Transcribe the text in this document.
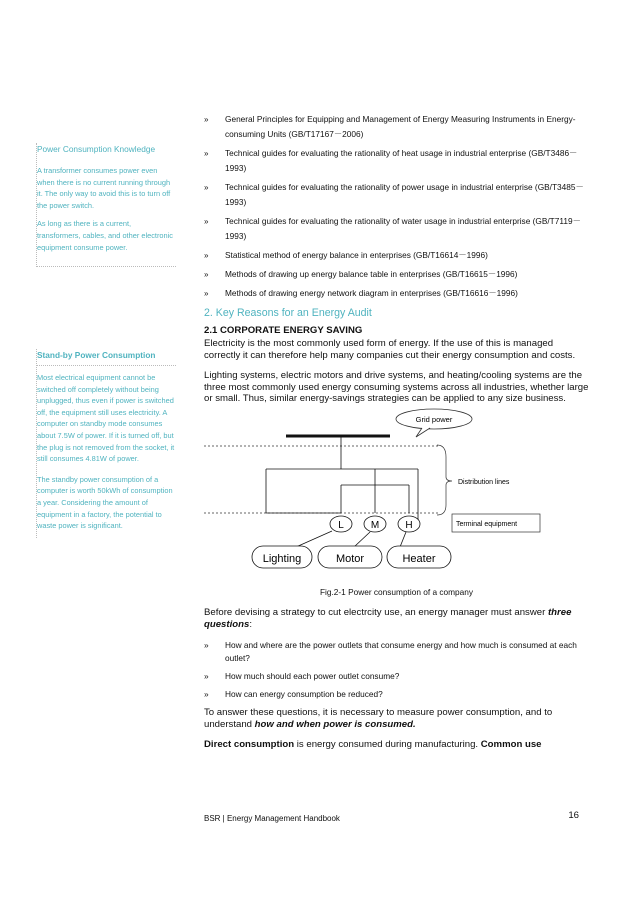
Power Consumption Knowledge
A transformer consumes power even when there is no current running through it. The only way to avoid this is to turn off the power switch.
As long as there is a current, transformers, cables, and other electronic equipment consume power.
Stand-by Power Consumption
Most electrical equipment cannot be switched off completely without being unplugged, thus even if power is switched off, the equipment still uses electricity. A computer on standby mode consumes about 7.5W of power. If it is turned off, but the plug is not removed from the socket, it still consumes 4.81W of power.
The standby power consumption of a computer is worth 50kWh of consumption a year. Considering the amount of equipment in a factory, the potential to waste power is significant.
» General Principles for Equipping and Management of Energy Measuring Instruments in Energy-consuming Units (GB/T17167－2006)
» Technical guides for evaluating the rationality of heat usage in industrial enterprise (GB/T3486－1993)
» Technical guides for evaluating the rationality of power usage in industrial enterprise (GB/T3485－1993)
» Technical guides for evaluating the rationality of water usage in industrial enterprise (GB/T7119－1993)
» Statistical method of energy balance in enterprises (GB/T16614－1996)
» Methods of drawing up energy balance table in enterprises (GB/T16615－1996)
» Methods of drawing energy network diagram in enterprises (GB/T16616－1996)
2. Key Reasons for an Energy Audit
2.1 CORPORATE ENERGY SAVING

Electricity is the most commonly used form of energy. If the use of this is managed correctly it can therefore help many companies cut their energy consumption and costs.

Lighting systems, electric motors and drive systems, and heating/cooling systems are the three most commonly used energy consuming systems across all industries, whether large or small. Thus, similar energy-savings strategies can be applied to any size business.

Grid power
Distribution lines
L	M	H	Terminal equipment
Lighting	Motor	Heater
Fig.2-1 Power consumption of a company

Before devising a strategy to cut electrcity use, an energy manager must answer three questions:

» How and where are the power outlets that consume energy and how much is consumed at each outlet?
» How much should each power outlet consume?
» How can energy consumption be reduced?

To answer these questions, it is necessary to measure power consumption, and to understand how and when power is consumed.

Direct consumption is energy consumed during manufacturing. Common use

BSR | Energy Management Handbook	16
